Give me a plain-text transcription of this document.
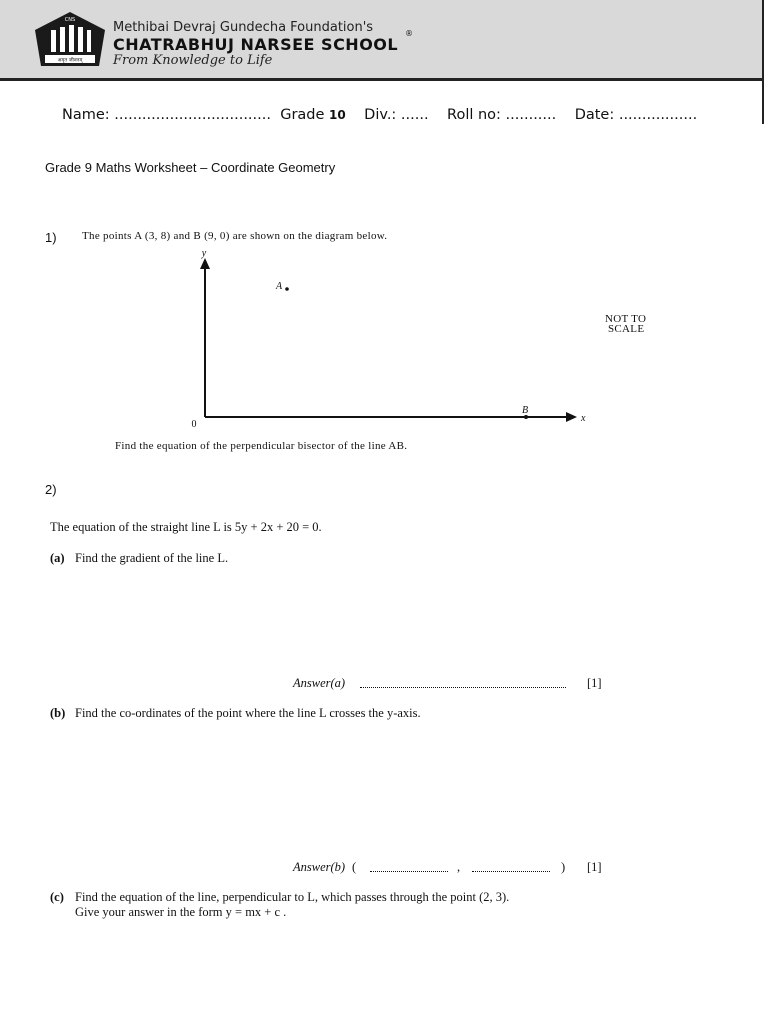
CNS
अमृत जीवनम्
Methibai Devraj Gundecha Foundation's
CHATRABHUJ NARSEE SCHOOL
®
From Knowledge to Life
Name: .................................. Grade 10 Div.: ...... Roll no: ........... Date: .................
Grade 9 Maths Worksheet – Coordinate Geometry
1) The points A (3, 8) and B (9, 0) are shown on the diagram below.
y
x
0
A
B
NOT TO
SCALE
Find the equation of the perpendicular bisector of the line AB.
2)
The equation of the straight line L is 5y + 2x + 20 = 0.
(a) Find the gradient of the line L.
Answer(a)	[1]
(b) Find the co-ordinates of the point where the line L crosses the y-axis.
Answer(b) (	,	) [1]
(c) Find the equation of the line, perpendicular to L, which passes through the point (2, 3).
Give your answer in the form y = mx + c .
